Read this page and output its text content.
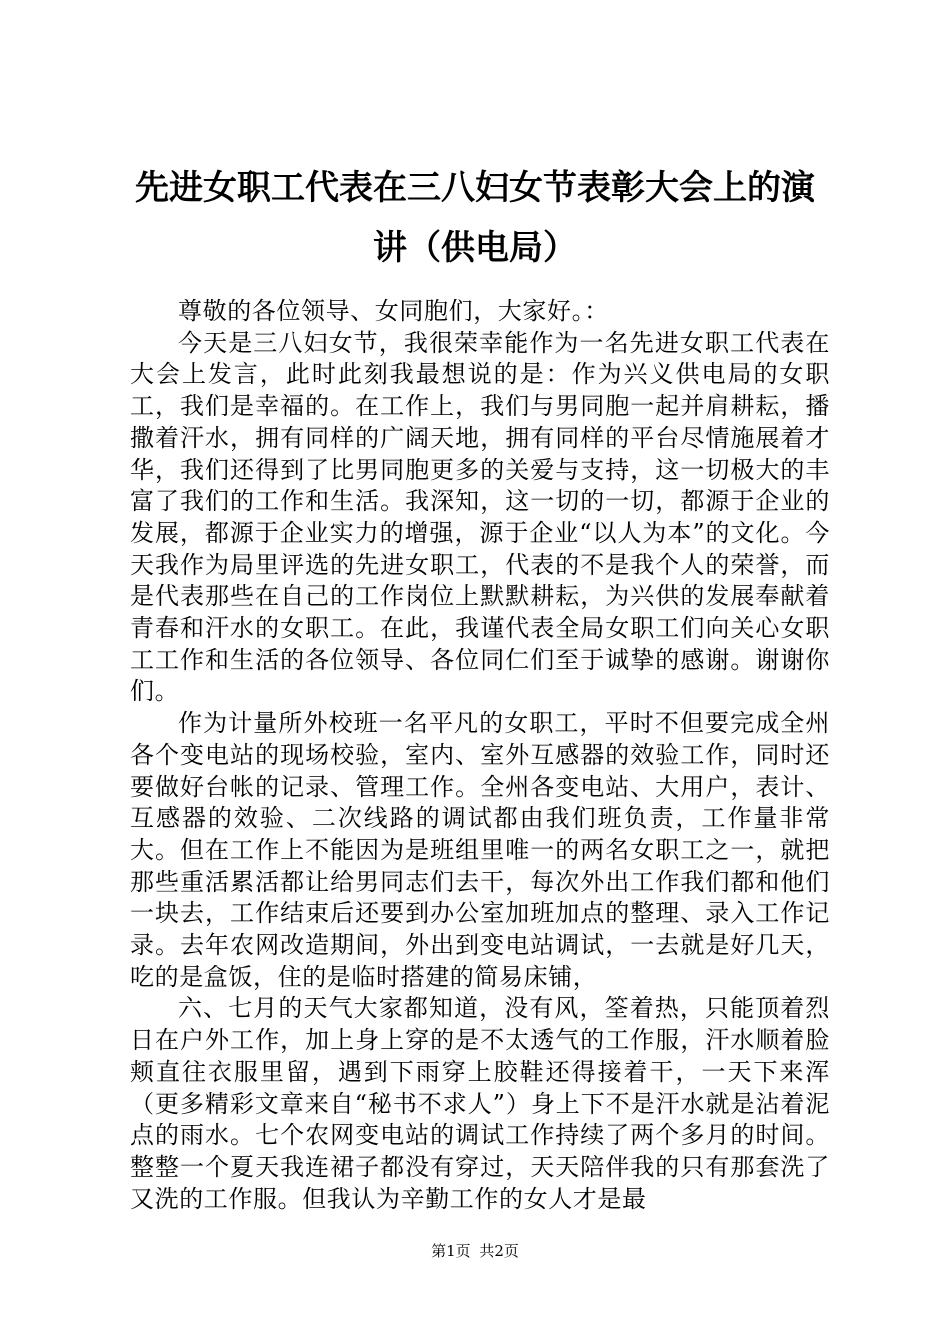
先进女职工代表在三八妇女节表彰大会上的演讲（供电局）

尊敬的各位领导、女同胞们，大家好。：

今天是三八妇女节，我很荣幸能作为一名先进女职工代表在大会上发言，此时此刻我最想说的是：作为兴义供电局的女职工，我们是幸福的。在工作上，我们与男同胞一起并肩耕耘，播撒着汗水，拥有同样的广阔天地，拥有同样的平台尽情施展着才华，我们还得到了比男同胞更多的关爱与支持，这一切极大的丰富了我们的工作和生活。我深知，这一切的一切，都源于企业的发展，都源于企业实力的增强，源于企业“以人为本”的文化。今天我作为局里评选的先进女职工，代表的不是我个人的荣誉，而是代表那些在自己的工作岗位上默默耕耘，为兴供的发展奉献着青春和汗水的女职工。在此，我谨代表全局女职工们向关心女职工工作和生活的各位领导、各位同仁们至于诚挚的感谢。谢谢你们。

作为计量所外校班一名平凡的女职工，平时不但要完成全州各个变电站的现场校验，室内、室外互感器的效验工作，同时还要做好台帐的记录、管理工作。全州各变电站、大用户，表计、互感器的效验、二次线路的调试都由我们班负责，工作量非常大。但在工作上不能因为是班组里唯一的两名女职工之一，就把那些重活累活都让给男同志们去干，每次外出工作我们都和他们一块去，工作结束后还要到办公室加班加点的整理、录入工作记录。去年农网改造期间，外出到变电站调试，一去就是好几天，吃的是盒饭，住的是临时搭建的简易床铺，

六、七月的天气大家都知道，没有风，筌着热，只能顶着烈日在户外工作，加上身上穿的是不太透气的工作服，汗水顺着脸颊直往衣服里留，遇到下雨穿上胶鞋还得接着干，一天下来浑（更多精彩文章来自“秘书不求人”）身上下不是汗水就是沾着泥点的雨水。七个农网变电站的调试工作持续了两个多月的时间。整整一个夏天我连裙子都没有穿过，天天陪伴我的只有那套洗了又洗的工作服。但我认为辛勤工作的女人才是最

第1页 共2页
